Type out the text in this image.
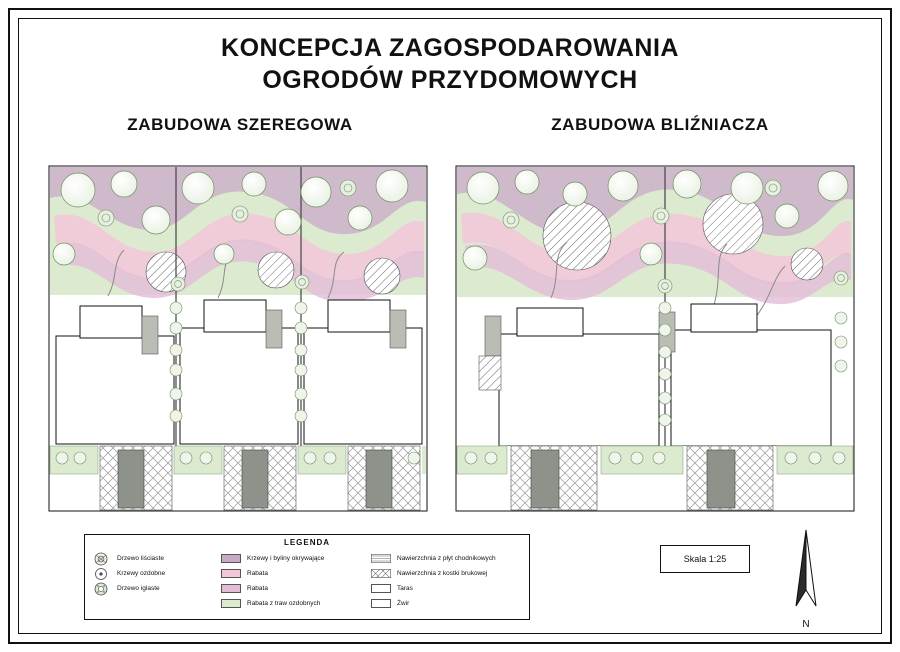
KONCEPCJA ZAGOSPODAROWANIA
OGRODÓW PRZYDOMOWYCH
ZABUDOWA SZEREGOWA	ZABUDOWA BLIŹNIACZA
LEGENDA
Drzewo liściaste
Krzewy ozdobne
Drzewo iglaste
Krzewy i byliny okrywające
Rabata
Rabata
Rabata z traw ozdobnych
Nawierzchnia z płyt chodnikowych
Nawierzchnia z kostki brukowej
Taras
Żwir
Skala 1:25
N
